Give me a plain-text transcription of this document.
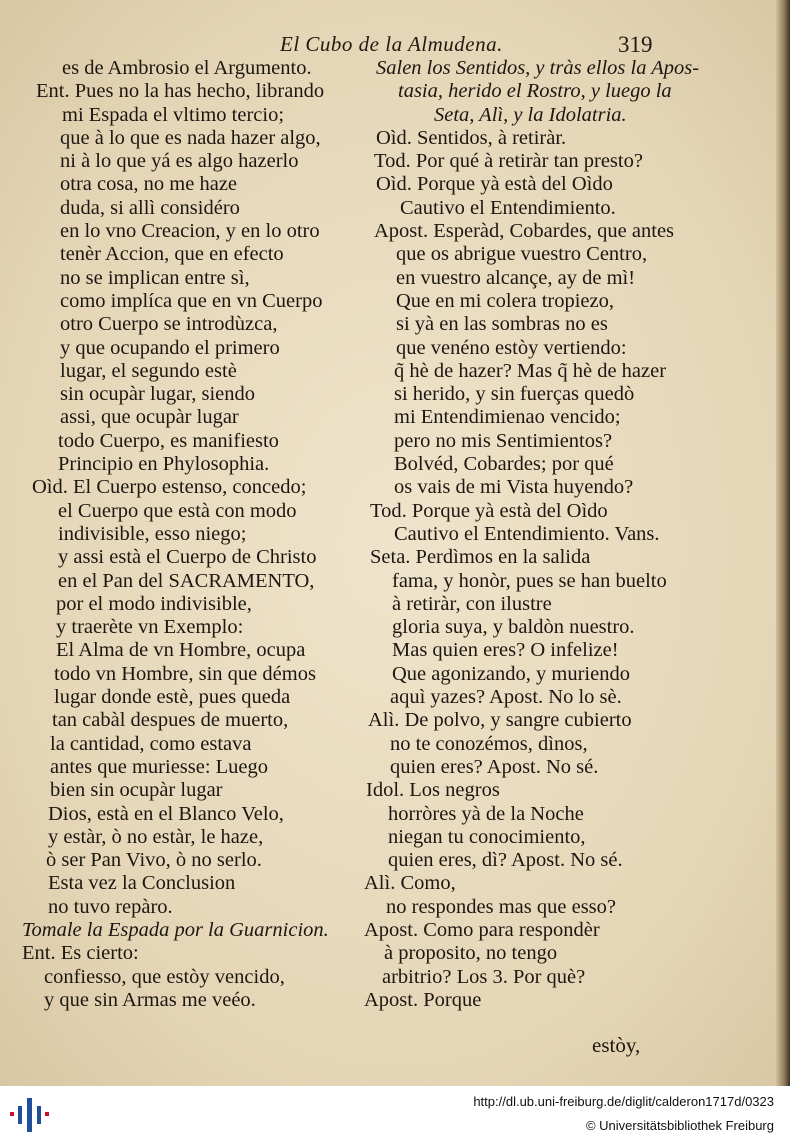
El Cubo de la Almudena.	319
es de Ambrosio el Argumento.
Ent. Pues no la has hecho, librando
mi Espada el vltimo tercio;
que à lo que es nada hazer algo,
ni à lo que yá es algo hazerlo
otra cosa, no me haze
duda, si allì considéro
en lo vno Creacion, y en lo otro
tenèr Accion, que en efecto
no se implican entre sì,
como implíca que en vn Cuerpo
otro Cuerpo se introdùzca,
y que ocupando el primero
lugar, el segundo estè
sin ocupàr lugar, siendo
assi, que ocupàr lugar
todo Cuerpo, es manifiesto
Principio en Phylosophia.
Oìd. El Cuerpo estenso, concedo;
el Cuerpo que està con modo
indivisible, esso niego;
y assi està el Cuerpo de Christo
en el Pan del SACRAMENTO,
por el modo indivisible,
y traerète vn Exemplo:
El Alma de vn Hombre, ocupa
todo vn Hombre, sin que démos
lugar donde estè, pues queda
tan cabàl despues de muerto,
la cantidad, como estava
antes que muriesse: Luego
bien sin ocupàr lugar
Dios, està en el Blanco Velo,
y estàr, ò no estàr, le haze,
ò ser Pan Vivo, ò no serlo.
Esta vez la Conclusion
no tuvo repàro.
Tomale la Espada por la Guarnicion.
Ent. Es cierto:
confiesso, que estòy vencido,
y que sin Armas me veéo.
Salen los Sentidos, y tràs ellos la Apos-
tasia, herido el Rostro, y luego la
Seta, Alì, y la Idolatria.
Oìd. Sentidos, à retiràr.
Tod. Por qué à retiràr tan presto?
Oìd. Porque yà està del Oìdo
Cautivo el Entendimiento.
Apost. Esperàd, Cobardes, que antes
que os abrigue vuestro Centro,
en vuestro alcançe, ay de mì!
Que en mi colera tropiezo,
si yà en las sombras no es
que venéno estòy vertiendo:
q̃ hè de hazer? Mas q̃ hè de hazer
si herido, y sin fuerças quedò
mi Entendimienao vencido;
pero no mis Sentimientos?
Bolvéd, Cobardes; por qué
os vais de mi Vista huyendo?
Tod. Porque yà està del Oìdo
Cautivo el Entendimiento. Vans.
Seta. Perdìmos en la salida
fama, y honòr, pues se han buelto
à retiràr, con ilustre
gloria suya, y baldòn nuestro.
Mas quien eres? O infelize!
Que agonizando, y muriendo
aquì yazes? Apost. No lo sè.
Alì. De polvo, y sangre cubierto
no te conozémos, dìnos,
quien eres? Apost. No sé.
Idol. Los negros
horròres yà de la Noche
niegan tu conocimiento,
quien eres, dì? Apost. No sé.
Alì. Como,
no respondes mas que esso?
Apost. Como para respondèr
à proposito, no tengo
arbitrio? Los 3. Por què?
Apost. Porque
estòy,
http://dl.ub.uni-freiburg.de/diglit/calderon1717d/0323
© Universitätsbibliothek Freiburg
